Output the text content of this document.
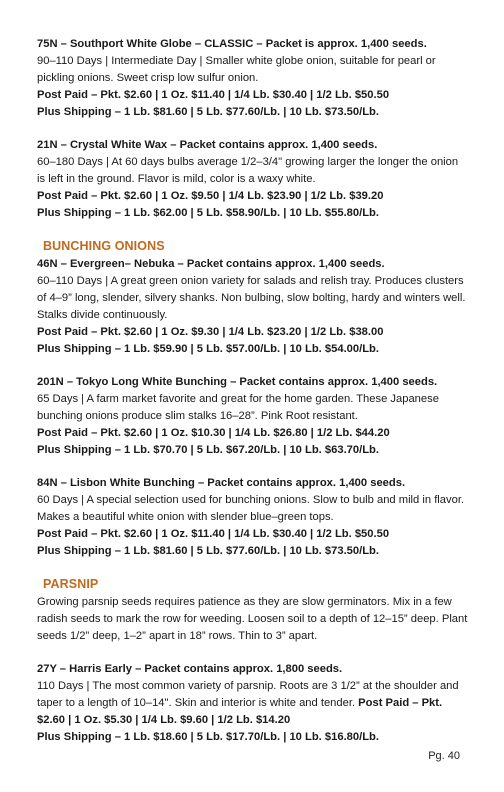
75N – Southport White Globe – CLASSIC – Packet is approx. 1,400 seeds.

90–110 Days | Intermediate Day | Smaller white globe onion, suitable for pearl or pickling onions. Sweet crisp low sulfur onion.

Post Paid – Pkt. $2.60 | 1 Oz. $11.40 | 1/4 Lb. $30.40 | 1/2 Lb. $50.50

Plus Shipping – 1 Lb. $81.60 | 5 Lb. $77.60/Lb. | 10 Lb. $73.50/Lb.

21N – Crystal White Wax – Packet contains approx. 1,400 seeds.

60–180 Days | At 60 days bulbs average 1/2–3/4" growing larger the longer the onion is left in the ground. Flavor is mild, color is a waxy white.

Post Paid – Pkt. $2.60 | 1 Oz. $9.50 | 1/4 Lb. $23.90 | 1/2 Lb. $39.20

Plus Shipping – 1 Lb. $62.00 | 5 Lb. $58.90/Lb. | 10 Lb. $55.80/Lb.

BUNCHING ONIONS

46N – Evergreen– Nebuka – Packet contains approx. 1,400 seeds.

60–110 Days | A great green onion variety for salads and relish tray. Produces clusters of 4–9” long, slender, silvery shanks. Non bulbing, slow bolting, hardy and winters well. Stalks divide continuously.

Post Paid – Pkt. $2.60 | 1 Oz. $9.30 | 1/4 Lb. $23.20 | 1/2 Lb. $38.00

Plus Shipping – 1 Lb. $59.90 | 5 Lb. $57.00/Lb. | 10 Lb. $54.00/Lb.

201N – Tokyo Long White Bunching – Packet contains approx. 1,400 seeds.

65 Days | A farm market favorite and great for the home garden. These Japanese bunching onions produce slim stalks 16–28”. Pink Root resistant.

Post Paid – Pkt. $2.60 | 1 Oz. $10.30 | 1/4 Lb. $26.80 | 1/2 Lb. $44.20

Plus Shipping – 1 Lb. $70.70 | 5 Lb. $67.20/Lb. | 10 Lb. $63.70/Lb.

84N – Lisbon White Bunching – Packet contains approx. 1,400 seeds.

60 Days | A special selection used for bunching onions. Slow to bulb and mild in flavor. Makes a beautiful white onion with slender blue–green tops.

Post Paid – Pkt. $2.60 | 1 Oz. $11.40 | 1/4 Lb. $30.40 | 1/2 Lb. $50.50

Plus Shipping – 1 Lb. $81.60 | 5 Lb. $77.60/Lb. | 10 Lb. $73.50/Lb.

PARSNIP

Growing parsnip seeds requires patience as they are slow germinators. Mix in a few radish seeds to mark the row for weeding. Loosen soil to a depth of 12–15” deep. Plant seeds 1/2” deep, 1–2” apart in 18” rows. Thin to 3” apart.

27Y – Harris Early – Packet contains approx. 1,800 seeds.

110 Days | The most common variety of parsnip. Roots are 3 1/2” at the shoulder and taper to a length of 10–14". Skin and interior is white and tender. Post Paid – Pkt. $2.60 | 1 Oz. $5.30 | 1/4 Lb. $9.60 | 1/2 Lb. $14.20

Plus Shipping – 1 Lb. $18.60 | 5 Lb. $17.70/Lb. | 10 Lb. $16.80/Lb.

Pg. 40
